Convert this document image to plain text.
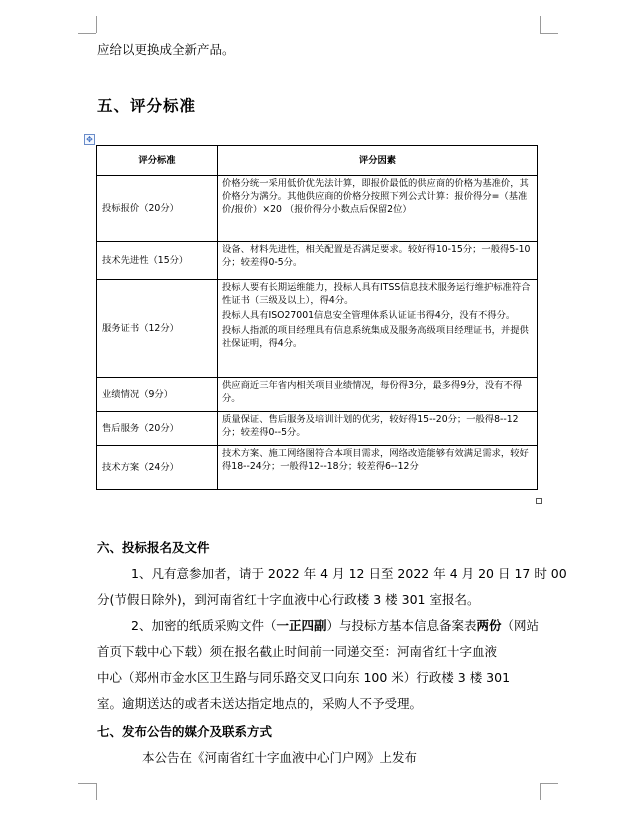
应给以更换成全新产品。
五、评分标准
✥
评分标准	评分因素
投标报价（20分）	价格分统一采用低价优先法计算，即报价最低的供应商的价格为基准价，其价格分为满分。其他供应商的价格分按照下列公式计算：报价得分=（基准价/报价）×20 （报价得分小数点后保留2位）

技术先进性（15分）	设备、材料先进性，相关配置是否满足要求。较好得10-15分；一般得5-10分；较差得0-5分。

服务证书（12分）	投标人要有长期运维能力，投标人具有ITSS信息技术服务运行维护标准符合性证书（三级及以上），得4分。
投标人具有ISO27001信息安全管理体系认证证书得4分，没有不得分。
投标人指派的项目经理具有信息系统集成及服务高级项目经理证书，并提供社保证明，得4分。

业绩情况（9分）	供应商近三年省内相关项目业绩情况，每份得3分，最多得9分，没有不得分。

售后服务（20分）	质量保证、售后服务及培训计划的优劣，较好得15--20分；一般得8--12分；较差得0--5分。

技术方案（24分）	技术方案、施工网络图符合本项目需求，网络改造能够有效满足需求，较好得18--24分；一般得12--18分；较差得6--12分
六、投标报名及文件
1、凡有意参加者，请于 2022 年 4 月 12 日至 2022 年 4 月 20 日 17 时 00
分(节假日除外)，到河南省红十字血液中心行政楼 3 楼 301 室报名。
2、加密的纸质采购文件（一正四副）与投标方基本信息备案表两份（网站
首页下载中心下载）须在报名截止时间前一同递交至：河南省红十字血液
中心（郑州市金水区卫生路与同乐路交叉口向东 100 米）行政楼 3 楼 301
室。逾期送达的或者未送达指定地点的，采购人不予受理。
七、发布公告的媒介及联系方式
本公告在《河南省红十字血液中心门户网》上发布
